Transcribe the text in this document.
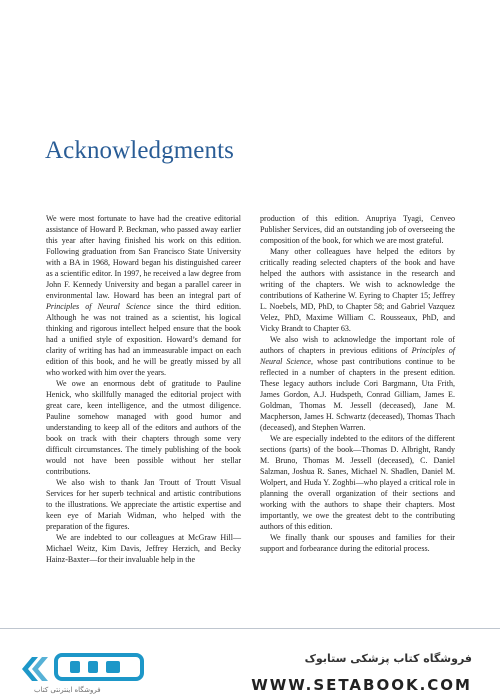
Acknowledgments

We were most fortunate to have had the creative editorial assistance of Howard P. Beckman, who passed away earlier this year after having finished his work on this edition. Following graduation from San Francisco State University with a BA in 1968, Howard began his distinguished career as a scientific editor. In 1997, he received a law degree from John F. Kennedy University and began a parallel career in environmental law. Howard has been an integral part of Principles of Neural Science since the third edition. Although he was not trained as a scientist, his logical thinking and rigorous intellect helped ensure that the book had a unified style of exposition. Howard’s demand for clarity of writing has had an immeasurable impact on each edition of this book, and he will be greatly missed by all who worked with him over the years.

We owe an enormous debt of gratitude to Pauline Henick, who skillfully managed the editorial project with great care, keen intelligence, and the utmost diligence. Pauline somehow managed with good humor and understanding to keep all of the editors and authors of the book on track with their chapters through some very difficult circumstances. The timely publishing of the book would not have been possible without her stellar contributions.

We also wish to thank Jan Troutt of Troutt Visual Services for her superb technical and artistic contributions to the illustrations. We appreciate the artistic expertise and keen eye of Mariah Widman, who helped with the preparation of the figures.

We are indebted to our colleagues at McGraw Hill—Michael Weitz, Kim Davis, Jeffrey Herzich, and Becky Hainz-Baxter—for their invaluable help in the

production of this edition. Anupriya Tyagi, Cenveo Publisher Services, did an outstanding job of overseeing the composition of the book, for which we are most grateful.

Many other colleagues have helped the editors by critically reading selected chapters of the book and have helped the authors with assistance in the research and writing of the chapters. We wish to acknowledge the contributions of Katherine W. Eyring to Chapter 15; Jeffrey L. Noebels, MD, PhD, to Chapter 58; and Gabriel Vazquez Velez, PhD, Maxime William C. Rousseaux, PhD, and Vicky Brandt to Chapter 63.

We also wish to acknowledge the important role of authors of chapters in previous editions of Principles of Neural Science, whose past contributions continue to be reflected in a number of chapters in the present edition. These legacy authors include Cori Bargmann, Uta Frith, James Gordon, A.J. Hudspeth, Conrad Gilliam, James E. Goldman, Thomas M. Jessell (deceased), Jane M. Macpherson, James H. Schwartz (deceased), Thomas Thach (deceased), and Stephen Warren.

We are especially indebted to the editors of the different sections (parts) of the book—Thomas D. Albright, Randy M. Bruno, Thomas M. Jessell (deceased), C. Daniel Salzman, Joshua R. Sanes, Michael N. Shadlen, Daniel M. Wolpert, and Huda Y. Zoghbi—who played a critical role in planning the overall organization of their sections and working with the authors to shape their chapters. Most importantly, we owe the greatest debt to the contributing authors of this edition.

We finally thank our spouses and families for their support and forbearance during the editorial process.

فروشگاه اینترنتی کتاب
فروشگاه کتاب پزشکی ستابوک
WWW.SETABOOK.COM
